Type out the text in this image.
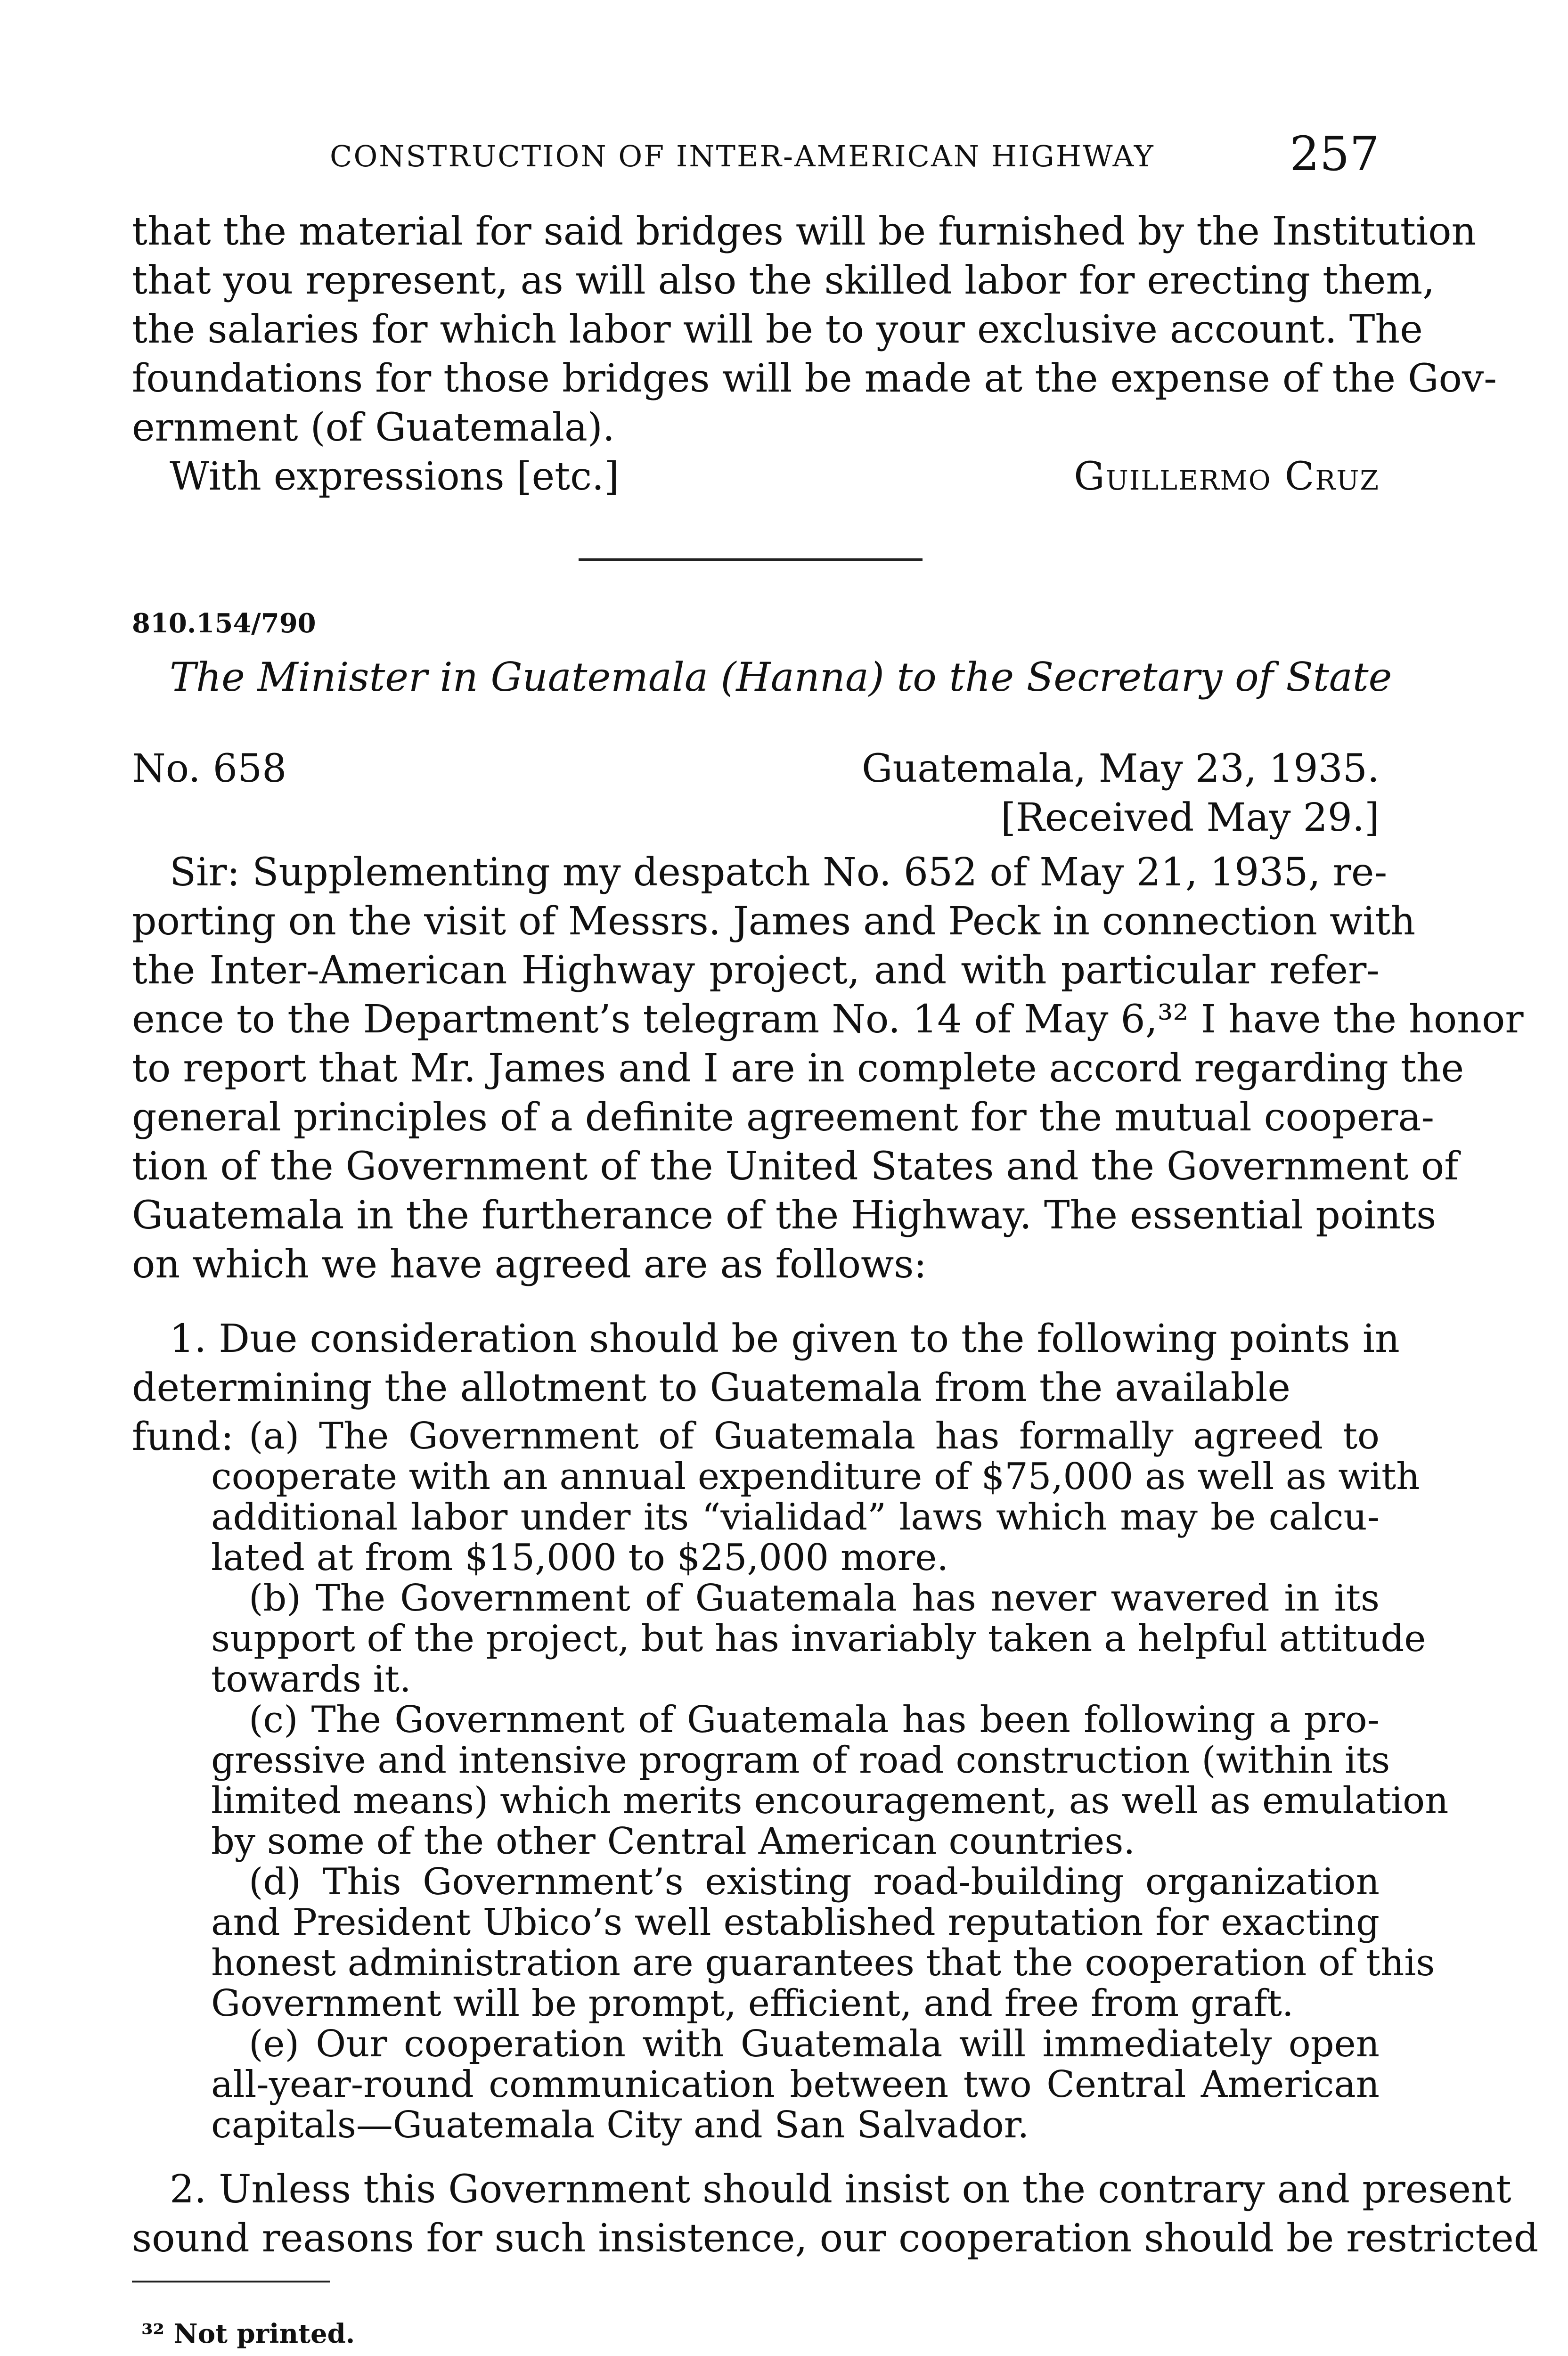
CONSTRUCTION OF INTER-AMERICAN HIGHWAY	257
that the material for said bridges will be furnished by the Institution
that you represent, as will also the skilled labor for erecting them,
the salaries for which labor will be to your exclusive account. The
foundations for those bridges will be made at the expense of the Gov-
ernment (of Guatemala).
With expressions [etc.]	Guillermo Cruz
810.154/790
The Minister in Guatemala (Hanna) to the Secretary of State
No. 658	Guatemala, May 23, 1935.
[Received May 29.]
Sir: Supplementing my despatch No. 652 of May 21, 1935, re-
porting on the visit of Messrs. James and Peck in connection with
the Inter-American Highway project, and with particular refer-
ence to the Department’s telegram No. 14 of May 6,³² I have the honor
to report that Mr. James and I are in complete accord regarding the
general principles of a definite agreement for the mutual coopera-
tion of the Government of the United States and the Government of
Guatemala in the furtherance of the Highway. The essential points
on which we have agreed are as follows:
1. Due consideration should be given to the following points in
determining the allotment to Guatemala from the available fund: (a) The Government of Guatemala has formally agreed to
cooperate with an annual expenditure of $75,000 as well as with
additional labor under its “vialidad” laws which may be calcu-
lated at from $15,000 to $25,000 more.
(b) The Government of Guatemala has never wavered in its
support of the project, but has invariably taken a helpful attitude
towards it.
(c) The Government of Guatemala has been following a pro-
gressive and intensive program of road construction (within its
limited means) which merits encouragement, as well as emulation
by some of the other Central American countries.
(d) This Government’s existing road-building organization
and President Ubico’s well established reputation for exacting
honest administration are guarantees that the cooperation of this
Government will be prompt, efficient, and free from graft.
(e) Our cooperation with Guatemala will immediately open
all-year-round communication between two Central American
capitals—Guatemala City and San Salvador.
2. Unless this Government should insist on the contrary and present
sound reasons for such insistence, our cooperation should be restricted
³² Not printed.
